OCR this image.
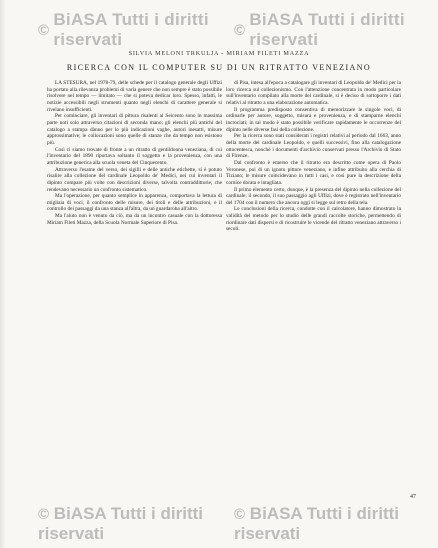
©
BiASA Tutti i diritti riservati	©
BiASA Tutti i diritti riservati
SILVIA MELONI TRKULJA - MIRIAM FILETI MAZZA
RICERCA CON IL COMPUTER SU DI UN RITRATTO VENEZIANO

LA STESURA, nel 1978-79, delle schede per il catalogo generale degli Uffizi ha portato alla rilevanza problemi di varia genere che non sempre è stato possibile risolvere nel tempo — limitato — che si poteva dedicar loro. Spesso, infatti, le notizie accessibili negli strumenti quanto negli elenchi di carattere generale si rivelano insufficienti.

Per cominciare, gli inventari di pittura risalenti al Seicento sono in massima parte noti solo attraverso citazioni di seconda mano; gli elenchi più antichi del catalogo a stampa dànno per lo più indicazioni vaghe, autori inesatti, misure approssimative; le collocazioni sono quelle di stanze che da tempo non esistono più.

Così ci siamo trovate di fronte a un ritratto di gentildonna veneziana, di cui l'inventario del 1890 riportava soltanto il soggetto e la provenienza, con una attribuzione generica alla scuola veneta del Cinquecento.

Attraverso l'esame del verso, dei sigilli e delle antiche etichette, si è potuto risalire alla collezione del cardinale Leopoldo de' Medici, nei cui inventari il dipinto compare più volte con descrizioni diverse, talvolta contraddittorie, che rendevano necessario un confronto sistematico.

Ma l'operazione, per quanto semplice in apparenza, comportava la lettura di migliaia di voci, il confronto delle misure, dei titoli e delle attribuzioni, e il controllo dei passaggi da una stanza all'altra, da un guardaroba all'altro.

Ma l'aiuto non è venuto da ciò, ma da un incontro casuale con la dottoressa Miriam Fileti Mazza, della Scuola Normale Superiore di Pisa.

di Pisa, intesa all'epoca a catalogare gli inventari di Leopoldo de' Medici per la loro ricerca sul collezionismo. Con l'attenzione concentrata in modo particolare sull'inventario compilato alla morte del cardinale, si è deciso di sottoporre i dati relativi al ritratto a una elaborazione automatica.

Il programma predisposto consentiva di memorizzare le singole voci, di ordinarle per autore, soggetto, misura e provenienza, e di stamparne elenchi incrociati; in tal modo è stato possibile verificare rapidamente le occorrenze del dipinto nelle diverse fasi della collezione.

Per la ricerca sono stati considerati i registri relativi al periodo dal 1663, anno della morte del cardinale Leopoldo, e quelli successivi, fino alla catalogazione ottocentesca, nonché i documenti d'archivio conservati presso l'Archivio di Stato di Firenze.

Dal confronto è emerso che il ritratto era descritto come opera di Paolo Veronese, poi di un ignoto pittore veneziano, e infine attribuito alla cerchia di Tiziano; le misure coincidevano in tutti i casi, e così pure la descrizione della cornice dorata e intagliata.

Il primo elemento certo, dunque, è la presenza del dipinto nella collezione del cardinale; il secondo, il suo passaggio agli Uffizi, dove è registrato nell'inventario del 1704 con il numero che ancora oggi si legge sul retro della tela.

Le conclusioni della ricerca, condotte con il calcolatore, hanno dimostrato la validità del metodo per lo studio delle grandi raccolte storiche, permettendo di riordinare dati dispersi e di ricostruire le vicende del ritratto veneziano attraverso i secoli.

47
© BiASA Tutti i diritti riservati
© BiASA Tutti i diritti riservati
